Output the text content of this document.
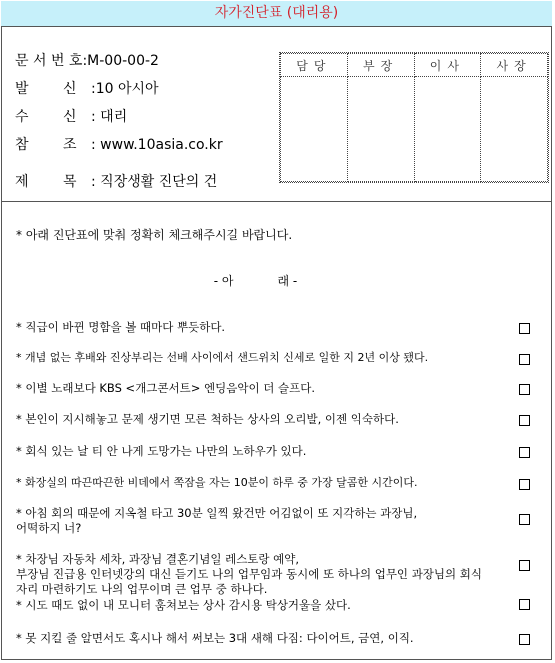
자가진단표 (대리용)
문 서 번 호:M-00-00-2
발 신 :10 아시아
수 신 : 대리
참 조 : www.10asia.co.kr
제 목 : 직장생활 진단의 건
담당	부장	이사	사장

* 아래 진단표에 맞춰 정확히 체크해주시길 바랍니다.
- 아	래 -
* 직급이 바뀐 명함을 볼 때마다 뿌듯하다.
* 개념 없는 후배와 진상부리는 선배 사이에서 샌드위치 신세로 일한 지 2년 이상 됐다.
* 이별 노래보다 KBS <개그콘서트> 엔딩음악이 더 슬프다.
* 본인이 지시해놓고 문제 생기면 모른 척하는 상사의 오리발, 이젠 익숙하다.
* 회식 있는 날 티 안 나게 도망가는 나만의 노하우가 있다.
* 화장실의 따끈따끈한 비데에서 쪽잠을 자는 10분이 하루 중 가장 달콤한 시간이다.
* 아침 회의 때문에 지옥철 타고 30분 일찍 왔건만 어김없이 또 지각하는 과장님,
어떡하지 너?
* 차장님 자동차 세차, 과장님 결혼기념일 레스토랑 예약,
부장님 진급용 인터넷강의 대신 듣기도 나의 업무임과 동시에 또 하나의 업무인 과장님의 회식 자리 마련하기도 나의 업무이며 큰 업무 중 하나다.
* 시도 때도 없이 내 모니터 훔쳐보는 상사 감시용 탁상거울을 샀다.
* 못 지킬 줄 알면서도 혹시나 해서 써보는 3대 새해 다짐: 다이어트, 금연, 이직.
